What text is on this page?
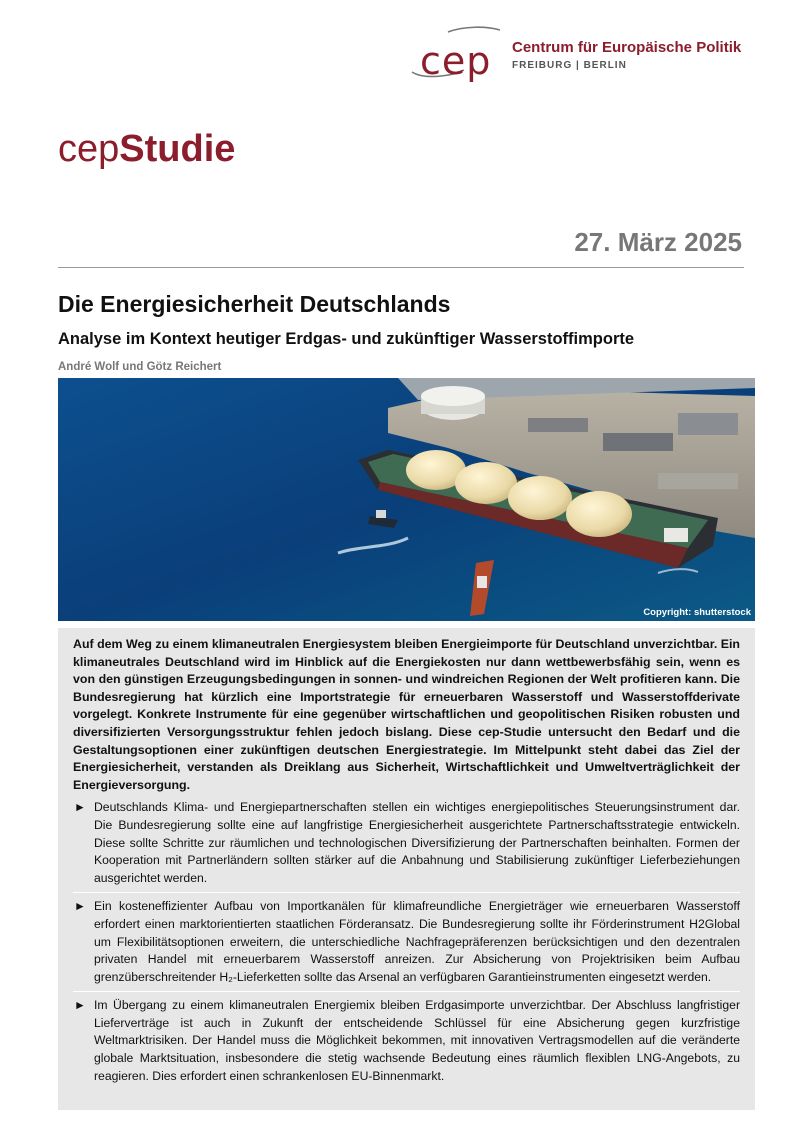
cep Centrum für Europäische Politik
FREIBURG | BERLIN
cepStudie
27. März 2025
Die Energiesicherheit Deutschlands
Analyse im Kontext heutiger Erdgas- und zukünftiger Wasserstoffimporte
André Wolf und Götz Reichert
Copyright: shutterstock

Auf dem Weg zu einem klimaneutralen Energiesystem bleiben Energieimporte für Deutschland unverzichtbar. Ein klimaneutrales Deutschland wird im Hinblick auf die Energiekosten nur dann wettbewerbsfähig sein, wenn es von den günstigen Erzeugungsbedingungen in sonnen- und windreichen Regionen der Welt profitieren kann. Die Bundesregierung hat kürzlich eine Importstrategie für erneuerbaren Wasserstoff und Wasserstoffderivate vorgelegt. Konkrete Instrumente für eine gegenüber wirtschaftlichen und geopolitischen Risiken robusten und diversifizierten Versorgungsstruktur fehlen jedoch bislang. Diese cep-Studie untersucht den Bedarf und die Gestaltungsoptionen einer zukünftigen deutschen Energiestrategie. Im Mittelpunkt steht dabei das Ziel der Energiesicherheit, verstanden als Dreiklang aus Sicherheit, Wirtschaftlichkeit und Umweltverträglichkeit der Energieversorgung.

► Deutschlands Klima- und Energiepartnerschaften stellen ein wichtiges energiepolitisches Steuerungsinstrument dar. Die Bundesregierung sollte eine auf langfristige Energiesicherheit ausgerichtete Partnerschaftsstrategie entwickeln. Diese sollte Schritte zur räumlichen und technologischen Diversifizierung der Partnerschaften beinhalten. Formen der Kooperation mit Partnerländern sollten stärker auf die Anbahnung und Stabilisierung zukünftiger Lieferbeziehungen ausgerichtet werden.
► Ein kosteneffizienter Aufbau von Importkanälen für klimafreundliche Energieträger wie erneuerbaren Wasserstoff erfordert einen marktorientierten staatlichen Förderansatz. Die Bundesregierung sollte ihr Förderinstrument H2Global um Flexibilitätsoptionen erweitern, die unterschiedliche Nachfragepräferenzen berücksichtigen und den dezentralen privaten Handel mit erneuerbarem Wasserstoff anreizen. Zur Absicherung von Projektrisiken beim Aufbau grenzüberschreitender H₂-Lieferketten sollte das Arsenal an verfügbaren Garantieinstrumenten eingesetzt werden.
► Im Übergang zu einem klimaneutralen Energiemix bleiben Erdgasimporte unverzichtbar. Der Abschluss langfristiger Lieferverträge ist auch in Zukunft der entscheidende Schlüssel für eine Absicherung gegen kurzfristige Weltmarktrisiken. Der Handel muss die Möglichkeit bekommen, mit innovativen Vertragsmodellen auf die veränderte globale Marktsituation, insbesondere die stetig wachsende Bedeutung eines räumlich flexiblen LNG-Angebots, zu reagieren. Dies erfordert einen schrankenlosen EU-Binnenmarkt.
